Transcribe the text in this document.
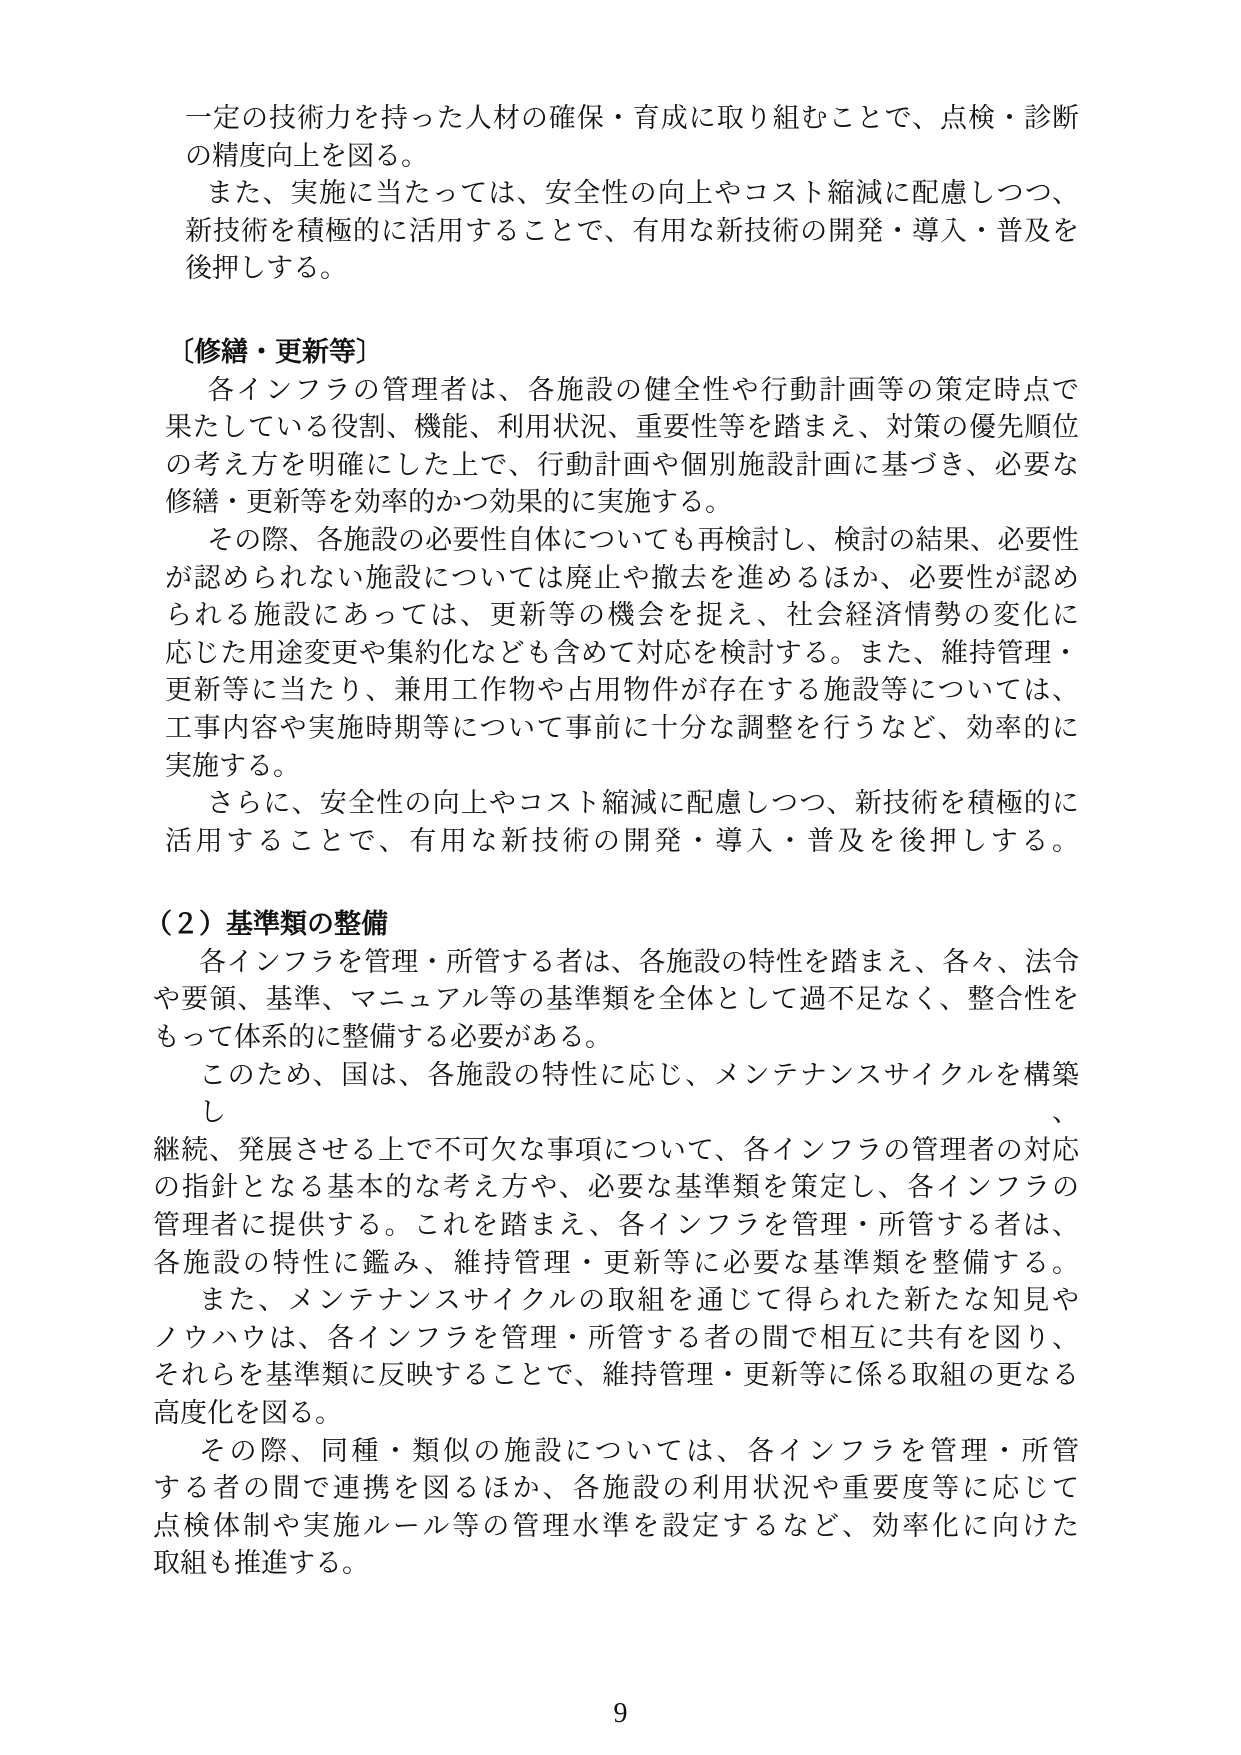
一定の技術力を持った人材の確保・育成に取り組むことで、点検・診断
の精度向上を図る。
また、実施に当たっては、安全性の向上やコスト縮減に配慮しつつ、
新技術を積極的に活用することで、有用な新技術の開発・導入・普及を
後押しする。
〔修繕・更新等〕
各インフラの管理者は、各施設の健全性や行動計画等の策定時点で
果たしている役割、機能、利用状況、重要性等を踏まえ、対策の優先順位
の考え方を明確にした上で、行動計画や個別施設計画に基づき、必要な
修繕・更新等を効率的かつ効果的に実施する。
その際、各施設の必要性自体についても再検討し、検討の結果、必要性
が認められない施設については廃止や撤去を進めるほか、必要性が認め
られる施設にあっては、更新等の機会を捉え、社会経済情勢の変化に
応じた用途変更や集約化なども含めて対応を検討する。また、維持管理・
更新等に当たり、兼用工作物や占用物件が存在する施設等については、
工事内容や実施時期等について事前に十分な調整を行うなど、効率的に
実施する。
さらに、安全性の向上やコスト縮減に配慮しつつ、新技術を積極的に
活用することで、有用な新技術の開発・導入・普及を後押しする。
（２）基準類の整備
各インフラを管理・所管する者は、各施設の特性を踏まえ、各々、法令
や要領、基準、マニュアル等の基準類を全体として過不足なく、整合性を
もって体系的に整備する必要がある。
このため、国は、各施設の特性に応じ、メンテナンスサイクルを構築し、
継続、発展させる上で不可欠な事項について、各インフラの管理者の対応
の指針となる基本的な考え方や、必要な基準類を策定し、各インフラの
管理者に提供する。これを踏まえ、各インフラを管理・所管する者は、
各施設の特性に鑑み、維持管理・更新等に必要な基準類を整備する。
また、メンテナンスサイクルの取組を通じて得られた新たな知見や
ノウハウは、各インフラを管理・所管する者の間で相互に共有を図り、
それらを基準類に反映することで、維持管理・更新等に係る取組の更なる
高度化を図る。
その際、同種・類似の施設については、各インフラを管理・所管
する者の間で連携を図るほか、各施設の利用状況や重要度等に応じて
点検体制や実施ルール等の管理水準を設定するなど、効率化に向けた
取組も推進する。
9
